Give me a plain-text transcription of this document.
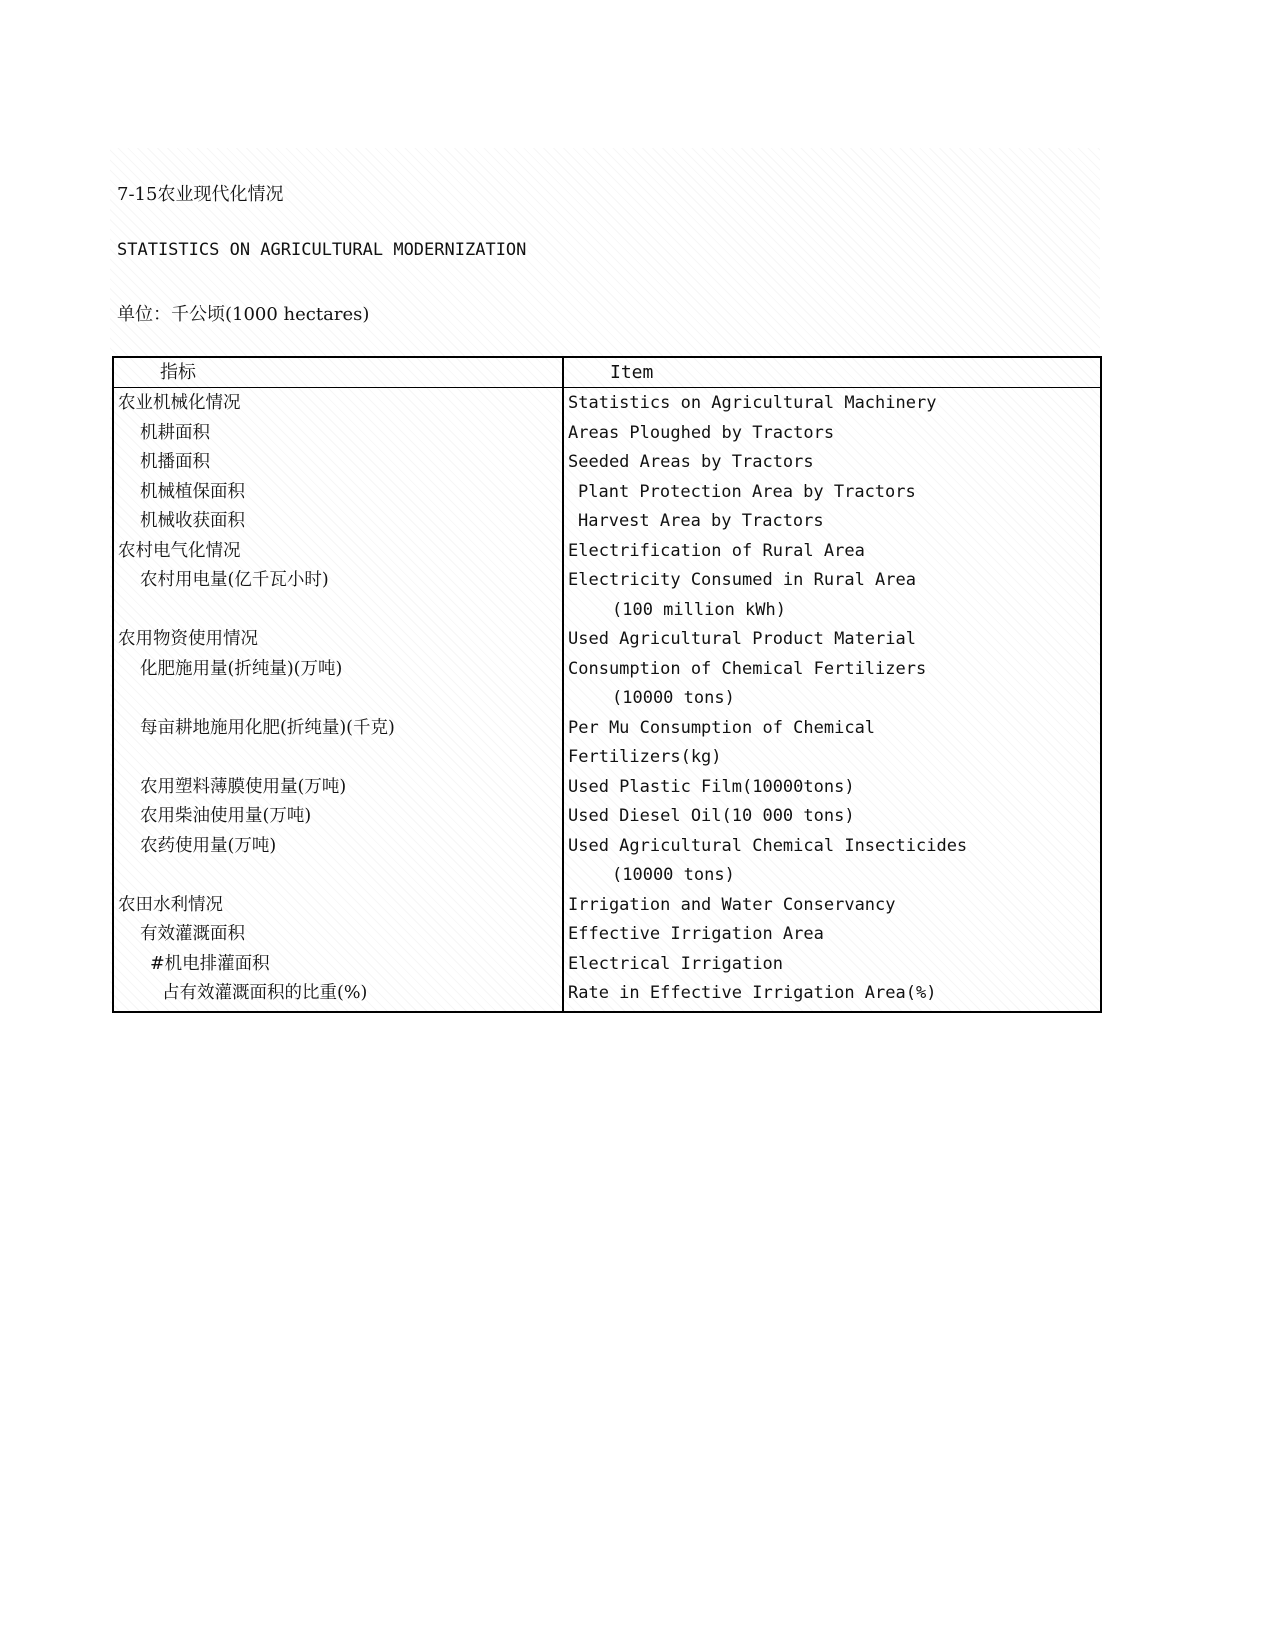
7-15农业现代化情况
STATISTICS ON AGRICULTURAL MODERNIZATION
单位：千公顷(1000 hectares)
指标	Item
农业机械化情况
机耕面积
机播面积
机械植保面积
机械收获面积
农村电气化情况
农村用电量(亿千瓦小时)
农用物资使用情况
化肥施用量(折纯量)(万吨)
每亩耕地施用化肥(折纯量)(千克)
农用塑料薄膜使用量(万吨)
农用柴油使用量(万吨)
农药使用量(万吨)
农田水利情况
有效灌溉面积
#机电排灌面积
占有效灌溉面积的比重(%)
Statistics on Agricultural Machinery
Areas Ploughed by Tractors
Seeded Areas by Tractors
Plant Protection Area by Tractors
Harvest Area by Tractors
Electrification of Rural Area
Electricity Consumed in Rural Area
(100 million kWh)
Used Agricultural Product Material
Consumption of Chemical Fertilizers
(10000 tons)
Per Mu Consumption of Chemical
Fertilizers(kg)
Used Plastic Film(10000tons)
Used Diesel Oil(10 000 tons)
Used Agricultural Chemical Insecticides
(10000 tons)
Irrigation and Water Conservancy
Effective Irrigation Area
Electrical Irrigation
Rate in Effective Irrigation Area(%)
